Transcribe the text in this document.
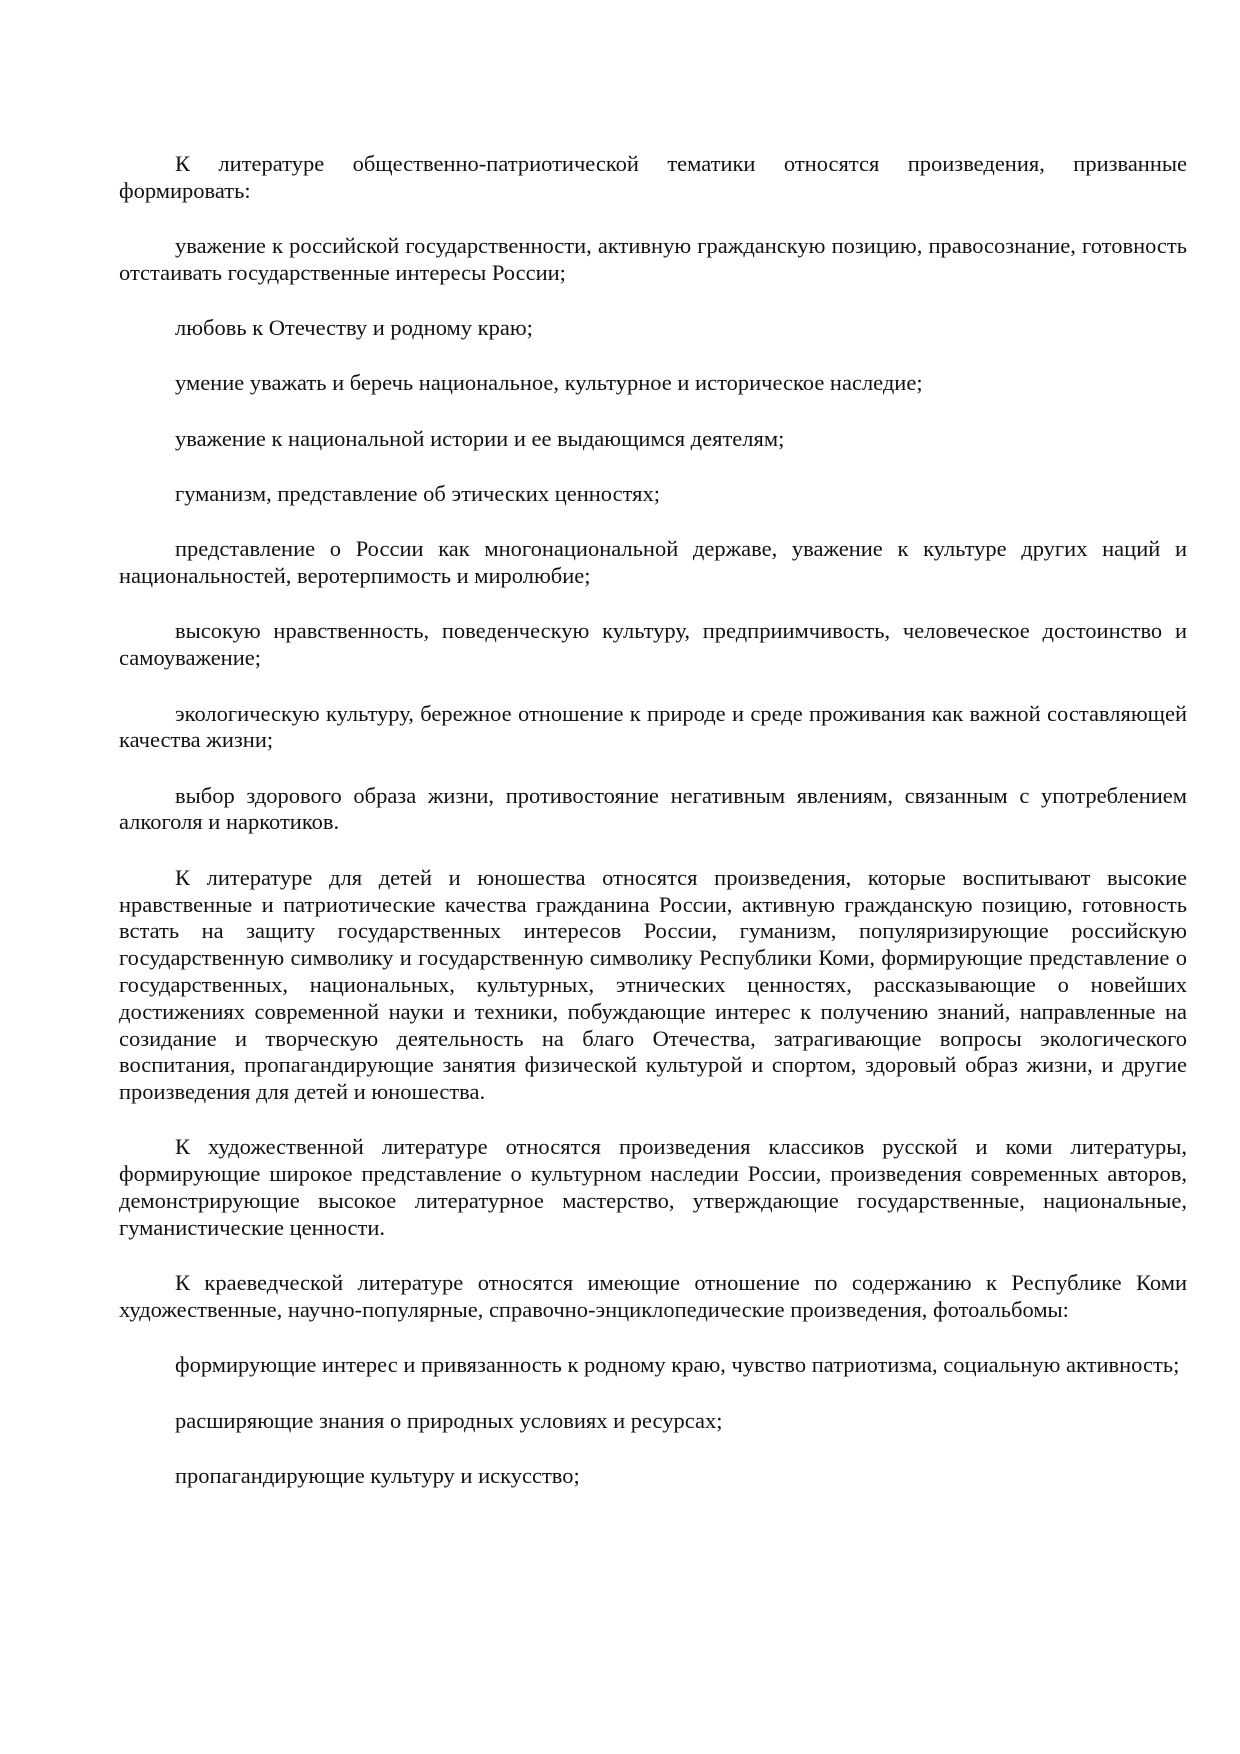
К литературе общественно-патриотической тематики относятся произведения, призванные формировать:

уважение к российской государственности, активную гражданскую позицию, правосознание, готовность отстаивать государственные интересы России;

любовь к Отечеству и родному краю;

умение уважать и беречь национальное, культурное и историческое наследие;

уважение к национальной истории и ее выдающимся деятелям;

гуманизм, представление об этических ценностях;

представление о России как многонациональной державе, уважение к культуре других наций и национальностей, веротерпимость и миролюбие;

высокую нравственность, поведенческую культуру, предприимчивость, человеческое достоинство и самоуважение;

экологическую культуру, бережное отношение к природе и среде проживания как важной составляющей качества жизни;

выбор здорового образа жизни, противостояние негативным явлениям, связанным с употреблением алкоголя и наркотиков.

К литературе для детей и юношества относятся произведения, которые воспитывают высокие нравственные и патриотические качества гражданина России, активную гражданскую позицию, готовность встать на защиту государственных интересов России, гуманизм, популяризирующие российскую государственную символику и государственную символику Республики Коми, формирующие представление о государственных, национальных, культурных, этнических ценностях, рассказывающие о новейших достижениях современной науки и техники, побуждающие интерес к получению знаний, направленные на созидание и творческую деятельность на благо Отечества, затрагивающие вопросы экологического воспитания, пропагандирующие занятия физической культурой и спортом, здоровый образ жизни, и другие произведения для детей и юношества.

К художественной литературе относятся произведения классиков русской и коми литературы, формирующие широкое представление о культурном наследии России, произведения современных авторов, демонстрирующие высокое литературное мастерство, утверждающие государственные, национальные, гуманистические ценности.

К краеведческой литературе относятся имеющие отношение по содержанию к Республике Коми художественные, научно-популярные, справочно-энциклопедические произведения, фотоальбомы:

формирующие интерес и привязанность к родному краю, чувство патриотизма, социальную активность;

расширяющие знания о природных условиях и ресурсах;

пропагандирующие культуру и искусство;
